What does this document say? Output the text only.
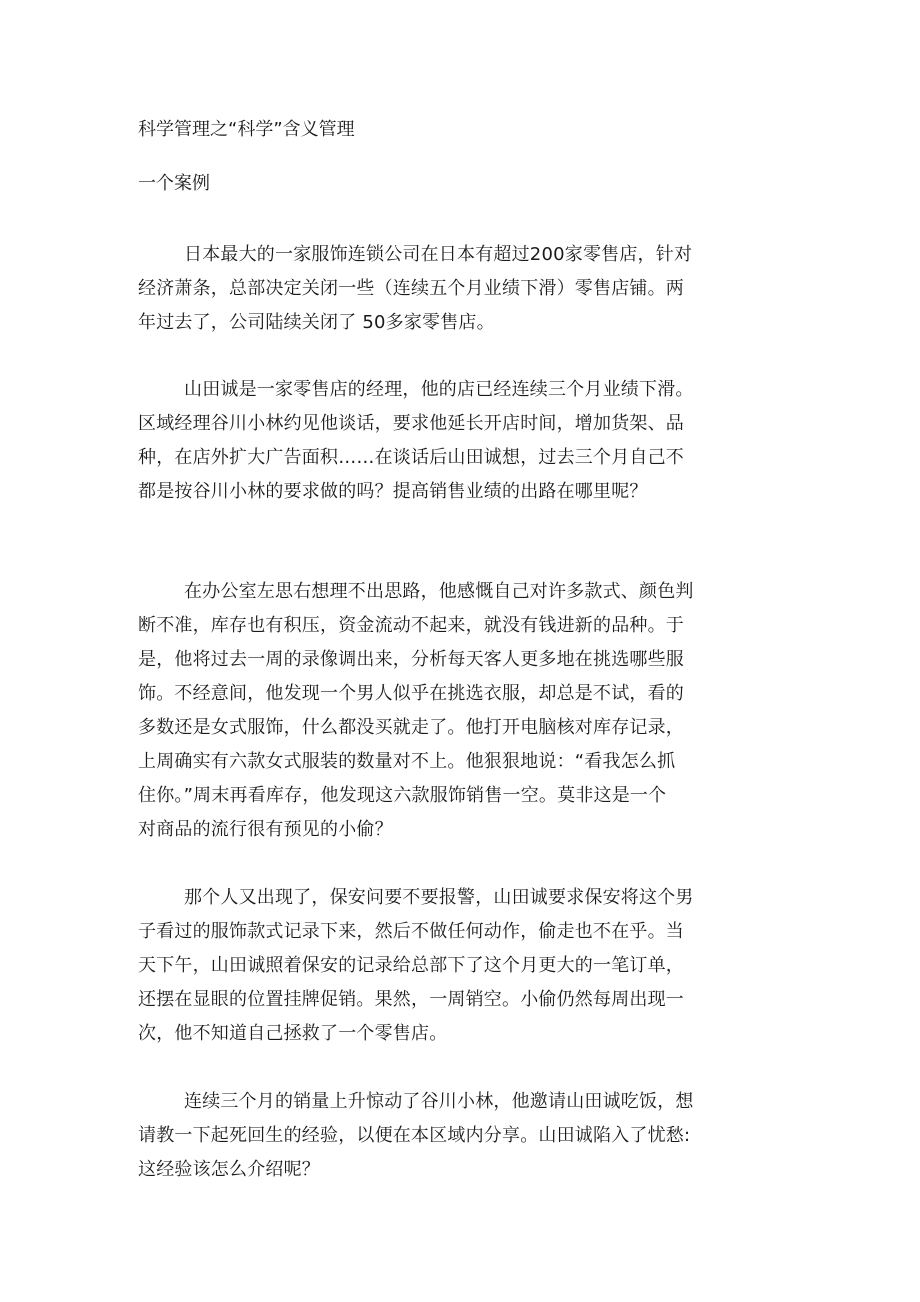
科学管理之“科学”含义管理
一个案例
日本最大的一家服饰连锁公司在日本有超过200家零售店，针对
经济萧条，总部决定关闭一些（连续五个月业绩下滑）零售店铺。两
年过去了，公司陆续关闭了 50多家零售店。
山田诚是一家零售店的经理，他的店已经连续三个月业绩下滑。
区域经理谷川小林约见他谈话，要求他延长开店时间，增加货架、品
种，在店外扩大广告面积……在谈话后山田诚想，过去三个月自己不
都是按谷川小林的要求做的吗？提高销售业绩的出路在哪里呢？
在办公室左思右想理不出思路，他感慨自己对许多款式、颜色判
断不准，库存也有积压，资金流动不起来，就没有钱进新的品种。于
是，他将过去一周的录像调出来，分析每天客人更多地在挑选哪些服
饰。不经意间，他发现一个男人似乎在挑选衣服，却总是不试，看的
多数还是女式服饰，什么都没买就走了。他打开电脑核对库存记录，
上周确实有六款女式服装的数量对不上。他狠狠地说：“看我怎么抓
住你。”周末再看库存，他发现这六款服饰销售一空。莫非这是一个
对商品的流行很有预见的小偷？
那个人又出现了，保安问要不要报警，山田诚要求保安将这个男
子看过的服饰款式记录下来，然后不做任何动作，偷走也不在乎。当
天下午，山田诚照着保安的记录给总部下了这个月更大的一笔订单，
还摆在显眼的位置挂牌促销。果然，一周销空。小偷仍然每周出现一
次，他不知道自己拯救了一个零售店。
连续三个月的销量上升惊动了谷川小林，他邀请山田诚吃饭，想
请教一下起死回生的经验，以便在本区域内分享。山田诚陷入了忧愁:
这经验该怎么介绍呢？
